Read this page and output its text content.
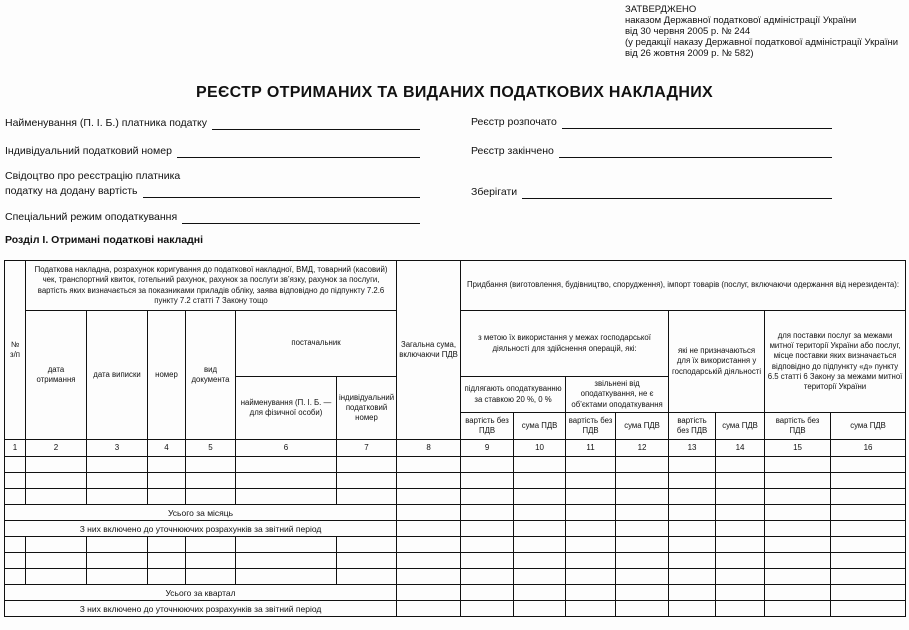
ЗАТВЕРДЖЕНО
наказом Державної податкової адміністрації України
від 30 червня 2005 р. № 244
(у редакції наказу Державної податкової адміністрації України
від 26 жовтня 2009 р. № 582)
РЕЄСТР ОТРИМАНИХ ТА ВИДАНИХ ПОДАТКОВИХ НАКЛАДНИХ
Найменування (П. І. Б.) платника податку
Індивідуальний податковий номер
Свідоцтво про реєстрацію платника
податку на додану вартість
Спеціальний режим оподаткування
Реєстр розпочато
Реєстр закінчено
Зберігати
Розділ І. Отримані податкові накладні
№ з/п	Податкова накладна, розрахунок коригування до податкової накладної, ВМД, товарний (касовий) чек, транспортний квиток, готельний рахунок, рахунок за послуги зв’язку, рахунок за послуги, вартість яких визначається за показниками приладів обліку, заява відповідно до підпункту 7.2.6 пункту 7.2 статті 7 Закону тощо						Загальна сума, включаючи ПДВ	Придбання (виготовлення, будівництво, спорудження), імпорт товарів (послуг, включаючи одержання від нерезидента):							
	дата отримання	дата виписки	номер	вид документа	постачальник			з метою їх використання у межах господарської діяльності для здійснення операцій, які:				які не призначаються для їх використання у господарській діяльності		для поставки послуг за межами митної території України або послуг, місце поставки яких визначається відповідно до підпункту «д» пункту 6.5 статті 6 Закону за межами митної території України	
					найменування (П. І. Б. — для фізичної особи)	індивідуальний податковий номер		підлягають оподаткуванню за ставкою 20 %, 0 %		звільнені від оподаткування, не є об’єктами оподаткування					
								вартість без ПДВ	сума ПДВ	вартість без ПДВ	сума ПДВ	вартість без ПДВ	сума ПДВ	вартість без ПДВ	сума ПДВ
1	2	3	4	5	6	7	8	9	10	11	12	13	14	15	16

Усього за місяць															
З них включено до уточнюючих розрахунків за звітний період															

Усього за квартал															
З них включено до уточнюючих розрахунків за звітний період															
